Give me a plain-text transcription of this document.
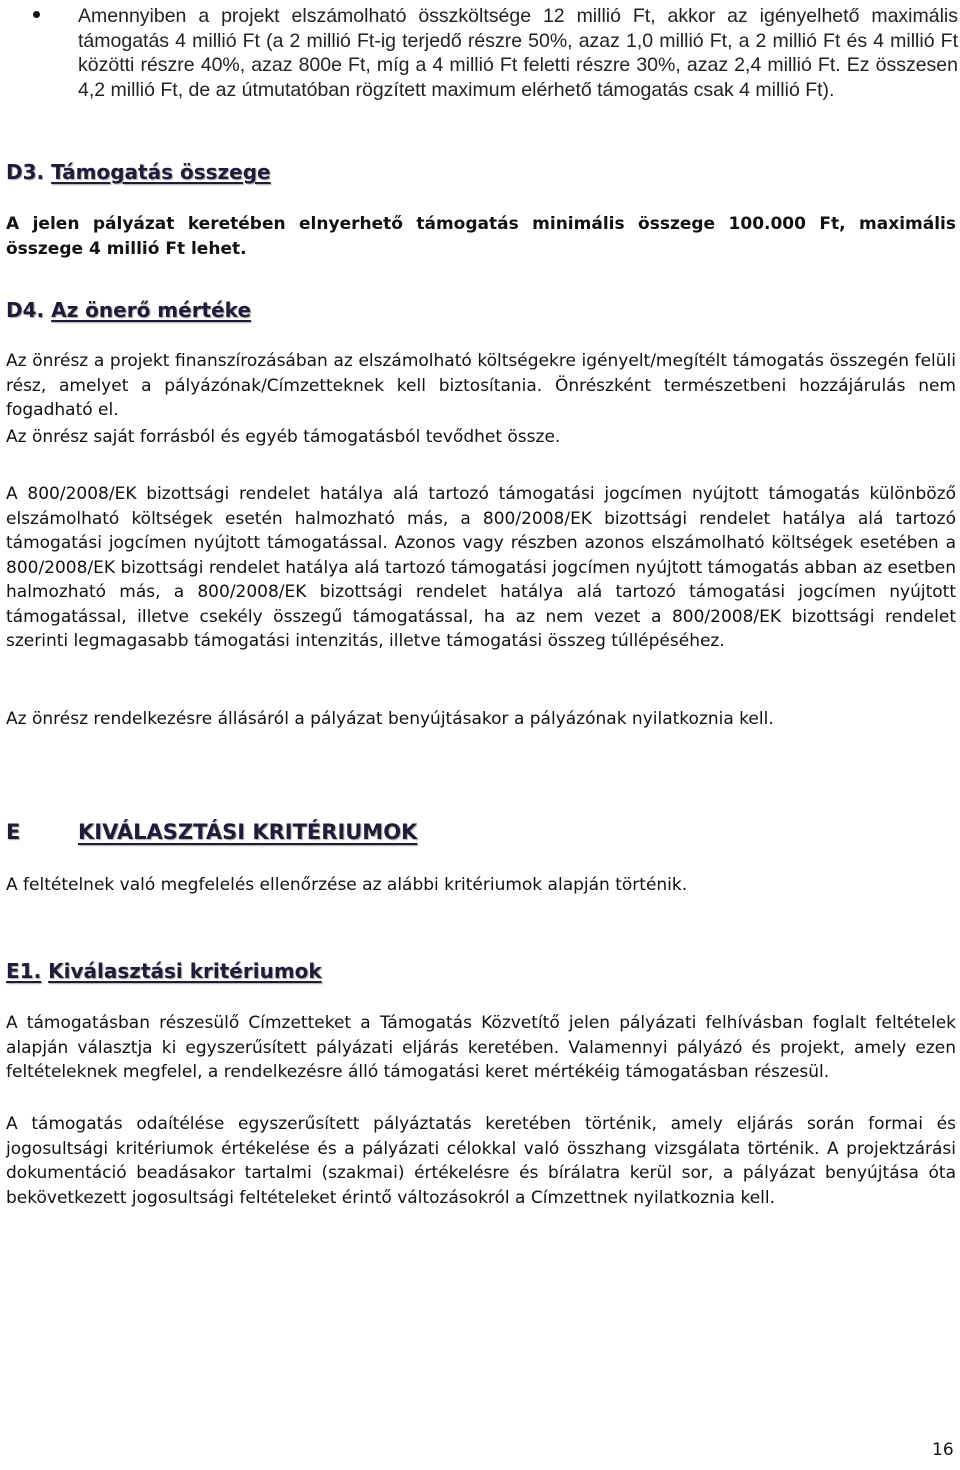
Amennyiben a projekt elszámolható összköltsége 12 millió Ft, akkor az igényelhető maximális támogatás 4 millió Ft (a 2 millió Ft-ig terjedő részre 50%, azaz 1,0 millió Ft, a 2 millió Ft és 4 millió Ft közötti részre 40%, azaz 800e Ft, míg a 4 millió Ft feletti részre 30%, azaz 2,4 millió Ft. Ez összesen 4,2 millió Ft, de az útmutatóban rögzített maximum elérhető támogatás csak 4 millió Ft).

D3. Támogatás összege

A jelen pályázat keretében elnyerhető támogatás minimális összege 100.000 Ft, maximális összege 4 millió Ft lehet.

D4. Az önerő mértéke

Az önrész a projekt finanszírozásában az elszámolható költségekre igényelt/megítélt támogatás összegén felüli rész, amelyet a pályázónak/Címzetteknek kell biztosítania. Önrészként természetbeni hozzájárulás nem fogadható el.

Az önrész saját forrásból és egyéb támogatásból tevődhet össze.

A 800/2008/EK bizottsági rendelet hatálya alá tartozó támogatási jogcímen nyújtott támogatás különböző elszámolható költségek esetén halmozható más, a 800/2008/EK bizottsági rendelet hatálya alá tartozó támogatási jogcímen nyújtott támogatással. Azonos vagy részben azonos elszámolható költségek esetében a 800/2008/EK bizottsági rendelet hatálya alá tartozó támogatási jogcímen nyújtott támogatás abban az esetben halmozható más, a 800/2008/EK bizottsági rendelet hatálya alá tartozó támogatási jogcímen nyújtott támogatással, illetve csekély összegű támogatással, ha az nem vezet a 800/2008/EK bizottsági rendelet szerinti legmagasabb támogatási intenzitás, illetve támogatási összeg túllépéséhez.

Az önrész rendelkezésre állásáról a pályázat benyújtásakor a pályázónak nyilatkoznia kell.

E	KIVÁLASZTÁSI KRITÉRIUMOK

A feltételnek való megfelelés ellenőrzése az alábbi kritériumok alapján történik.

E1. Kiválasztási kritériumok

A támogatásban részesülő Címzetteket a Támogatás Közvetítő jelen pályázati felhívásban foglalt feltételek alapján választja ki egyszerűsített pályázati eljárás keretében. Valamennyi pályázó és projekt, amely ezen feltételeknek megfelel, a rendelkezésre álló támogatási keret mértékéig támogatásban részesül.

A támogatás odaítélése egyszerűsített pályáztatás keretében történik, amely eljárás során formai és jogosultsági kritériumok értékelése és a pályázati célokkal való összhang vizsgálata történik. A projektzárási dokumentáció beadásakor tartalmi (szakmai) értékelésre és bírálatra kerül sor, a pályázat benyújtása óta bekövetkezett jogosultsági feltételeket érintő változásokról a Címzettnek nyilatkoznia kell.

16
